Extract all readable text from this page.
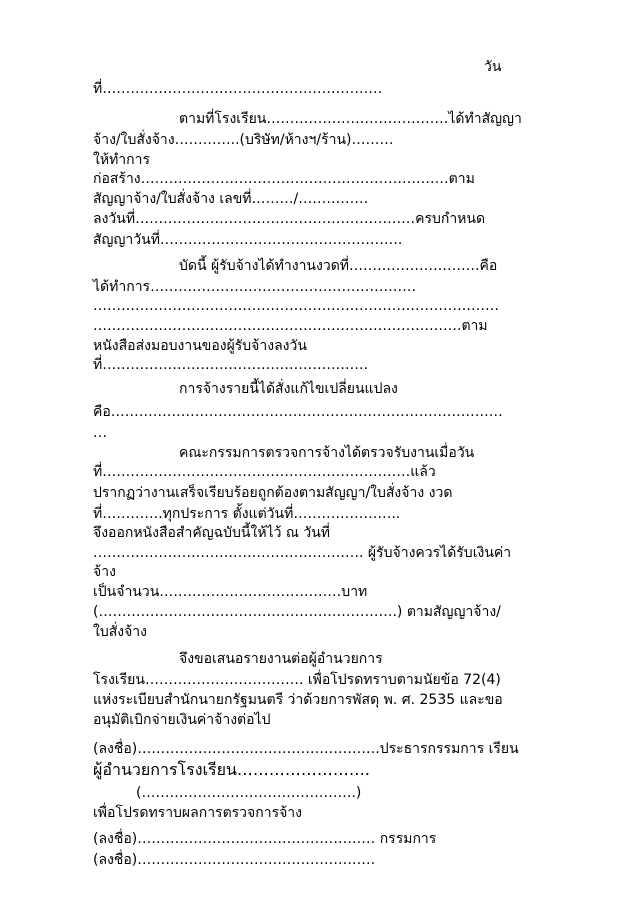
วัน
ที่……………………………………………………
ตามที่โรงเรียน…………………………………ได้ทำสัญญา
จ้าง/ใบสั่งจ้าง…………..(บริษัท/ห้างฯ/ร้าน)………
ให้ทำการ
ก่อสร้าง…………………………………………………………ตาม
สัญญาจ้าง/ใบสั่งจ้าง เลขที่………/……………
ลงวันที่……………………………………………………ครบกำหนด
สัญญาวันที่…………………………………………….
บัดนี้ ผู้รับจ้างได้ทำงานงวดที่……………………….คือ
ได้ทำการ…………………………………………………
……………………………………………………………………………
…………………………………………………………………….ตาม
หนังสือส่งมอบงานของผู้รับจ้างลงวัน
ที่…………………………………………………
การจ้างรายนี้ได้สั่งแก้ไขเปลี่ยนแปลง
คือ…………………………………………………………………………
…
คณะกรรมการตรวจการจ้างได้ตรวจรับงานเมื่อวัน
ที่…………………………………………………………แล้ว
ปรากฏว่างานเสร็จเรียบร้อยถูกต้องตามสัญญา/ใบสั่งจ้าง งวด
ที่………….ทุกประการ ตั้งแต่วันที่…………………..
จึงออกหนังสือสำคัญฉบับนี้ให้ไว้ ณ วันที่
…………………………………………………. ผู้รับจ้างควรได้รับเงินค่า
จ้าง
เป็นจำนวน…………………………………บาท
(……………………………………………………….) ตามสัญญาจ้าง/
ใบสั่งจ้าง
จึงขอเสนอรายงานต่อผู้อำนวยการ
โรงเรียน……………………………. เพื่อโปรดทราบตามนัยข้อ 72(4)
แห่งระเบียบสำนักนายกรัฐมนตรี ว่าด้วยการพัสดุ พ. ศ. 2535 และขอ
อนุมัติเบิกจ่ายเงินค่าจ้างต่อไป
(ลงชื่อ)…………………………………………….ประธารกรรมการ เรียน
ผู้อำนวยการโรงเรียน…………………….
(……………………………………….)
เพื่อโปรดทราบผลการตรวจการจ้าง
(ลงชื่อ)…………………………………………… กรรมการ
(ลงชื่อ)……………………………………………
